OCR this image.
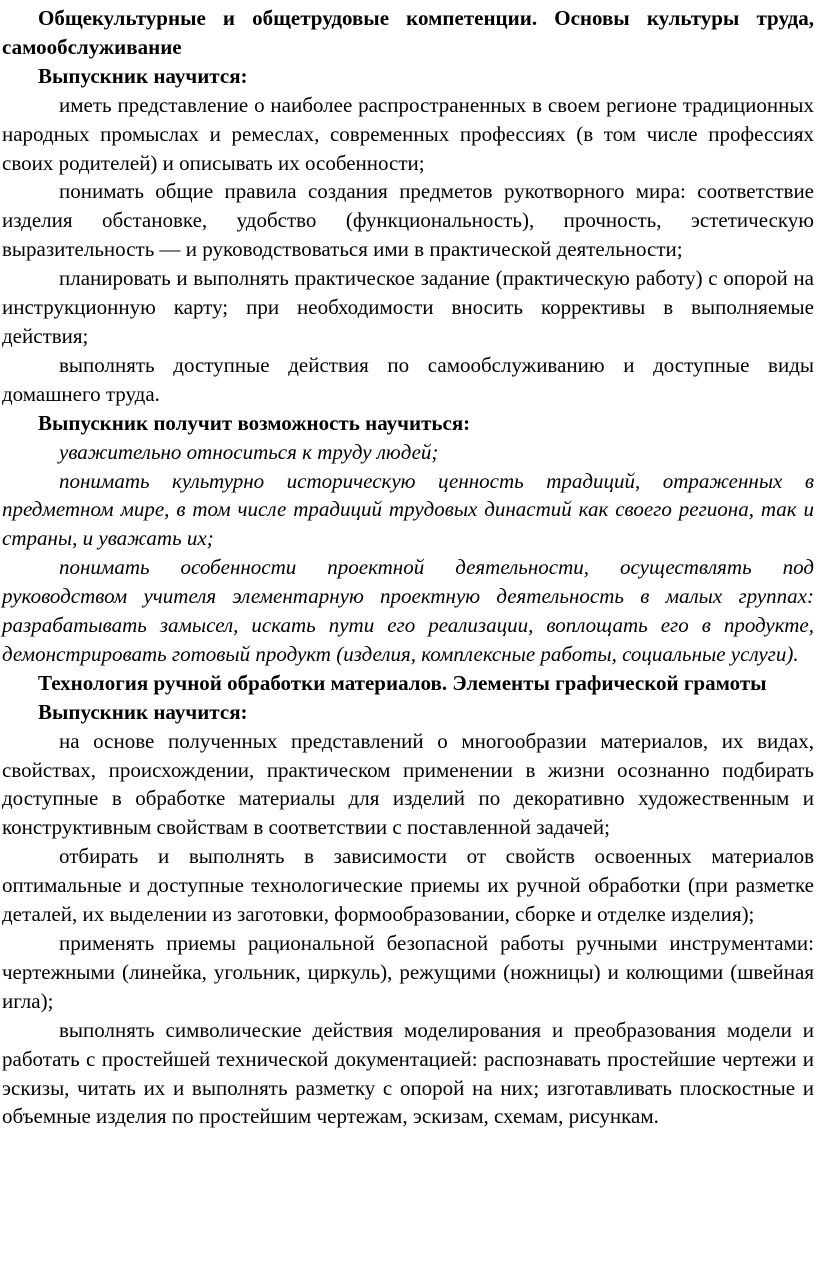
Общекультурные и общетрудовые компетенции. Основы культуры труда, самообслуживание

Выпускник научится:

иметь представление о наиболее распространенных в своем регионе традиционных народных промыслах и ремеслах, современных профессиях (в том числе профессиях своих родителей) и описывать их особенности;

понимать общие правила создания предметов рукотворного мира: соответствие изделия обстановке, удобство (функциональность), прочность, эстетическую выразительность — и руководствоваться ими в практической деятельности;

планировать и выполнять практическое задание (практическую работу) с опорой на инструкционную карту; при необходимости вносить коррективы в выполняемые действия;

выполнять доступные действия по самообслуживанию и доступные виды домашнего труда.

Выпускник получит возможность научиться:

уважительно относиться к труду людей;

понимать культурно историческую ценность традиций, отраженных в предметном мире, в том числе традиций трудовых династий как своего региона, так и страны, и уважать их;

понимать особенности проектной деятельности, осуществлять под руководством учителя элементарную проектную деятельность в малых группах: разрабатывать замысел, искать пути его реализации, воплощать его в продукте, демонстрировать готовый продукт (изделия, комплексные работы, социальные услуги).

Технология ручной обработки материалов. Элементы графической грамоты

Выпускник научится:

на основе полученных представлений о многообразии материалов, их видах, свойствах, происхождении, практическом применении в жизни осознанно подбирать доступные в обработке материалы для изделий по декоративно художественным и конструктивным свойствам в соответствии с поставленной задачей;

отбирать и выполнять в зависимости от свойств освоенных материалов оптимальные и доступные технологические приемы их ручной обработки (при разметке деталей, их выделении из заготовки, формообразовании, сборке и отделке изделия);

применять приемы рациональной безопасной работы ручными инструментами: чертежными (линейка, угольник, циркуль), режущими (ножницы) и колющими (швейная игла);

выполнять символические действия моделирования и преобразования модели и работать с простейшей технической документацией: распознавать простейшие чертежи и эскизы, читать их и выполнять разметку с опорой на них; изготавливать плоскостные и объемные изделия по простейшим чертежам, эскизам, схемам, рисункам.
